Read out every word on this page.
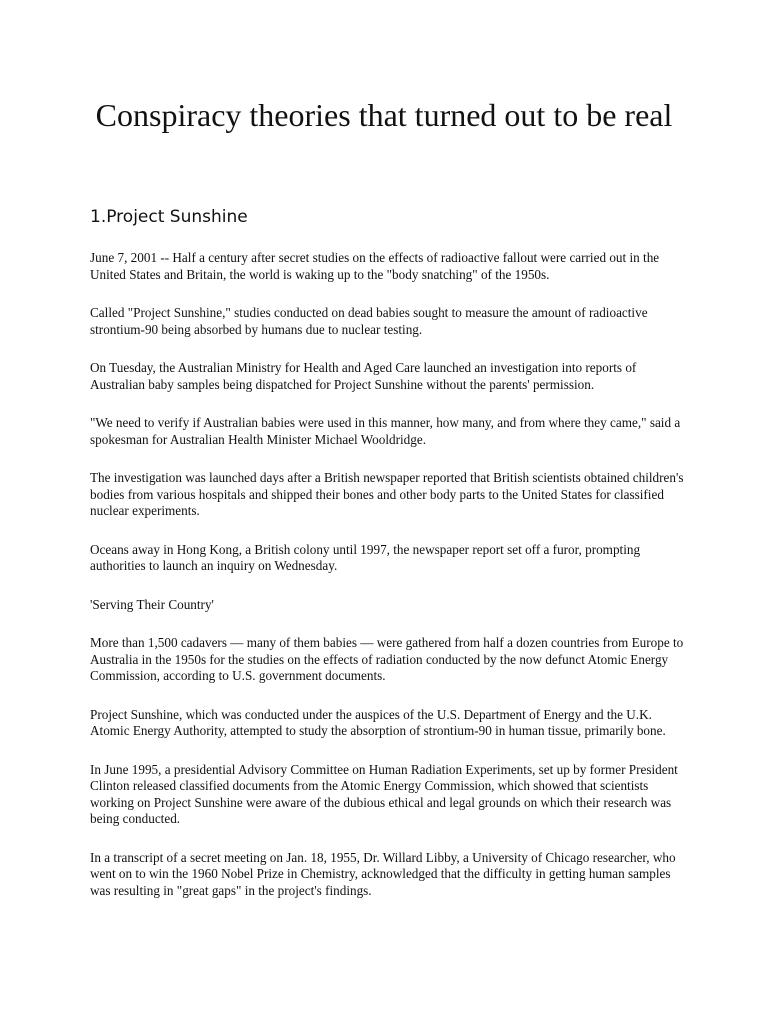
Conspiracy theories that turned out to be real
1.Project Sunshine

June 7, 2001 -- Half a century after secret studies on the effects of radioactive fallout were carried out in the United States and Britain, the world is waking up to the "body snatching" of the 1950s.

Called "Project Sunshine," studies conducted on dead babies sought to measure the amount of radioactive strontium-90 being absorbed by humans due to nuclear testing.

On Tuesday, the Australian Ministry for Health and Aged Care launched an investigation into reports of Australian baby samples being dispatched for Project Sunshine without the parents' permission.

"We need to verify if Australian babies were used in this manner, how many, and from where they came," said a spokesman for Australian Health Minister Michael Wooldridge.

The investigation was launched days after a British newspaper reported that British scientists obtained children's bodies from various hospitals and shipped their bones and other body parts to the United States for classified nuclear experiments.

Oceans away in Hong Kong, a British colony until 1997, the newspaper report set off a furor, prompting authorities to launch an inquiry on Wednesday.

'Serving Their Country'

More than 1,500 cadavers — many of them babies — were gathered from half a dozen countries from Europe to Australia in the 1950s for the studies on the effects of radiation conducted by the now defunct Atomic Energy Commission, according to U.S. government documents.

Project Sunshine, which was conducted under the auspices of the U.S. Department of Energy and the U.K. Atomic Energy Authority, attempted to study the absorption of strontium-90 in human tissue, primarily bone.

In June 1995, a presidential Advisory Committee on Human Radiation Experiments, set up by former President Clinton released classified documents from the Atomic Energy Commission, which showed that scientists working on Project Sunshine were aware of the dubious ethical and legal grounds on which their research was being conducted.

In a transcript of a secret meeting on Jan. 18, 1955, Dr. Willard Libby, a University of Chicago researcher, who went on to win the 1960 Nobel Prize in Chemistry, acknowledged that the difficulty in getting human samples was resulting in "great gaps" in the project's findings.
